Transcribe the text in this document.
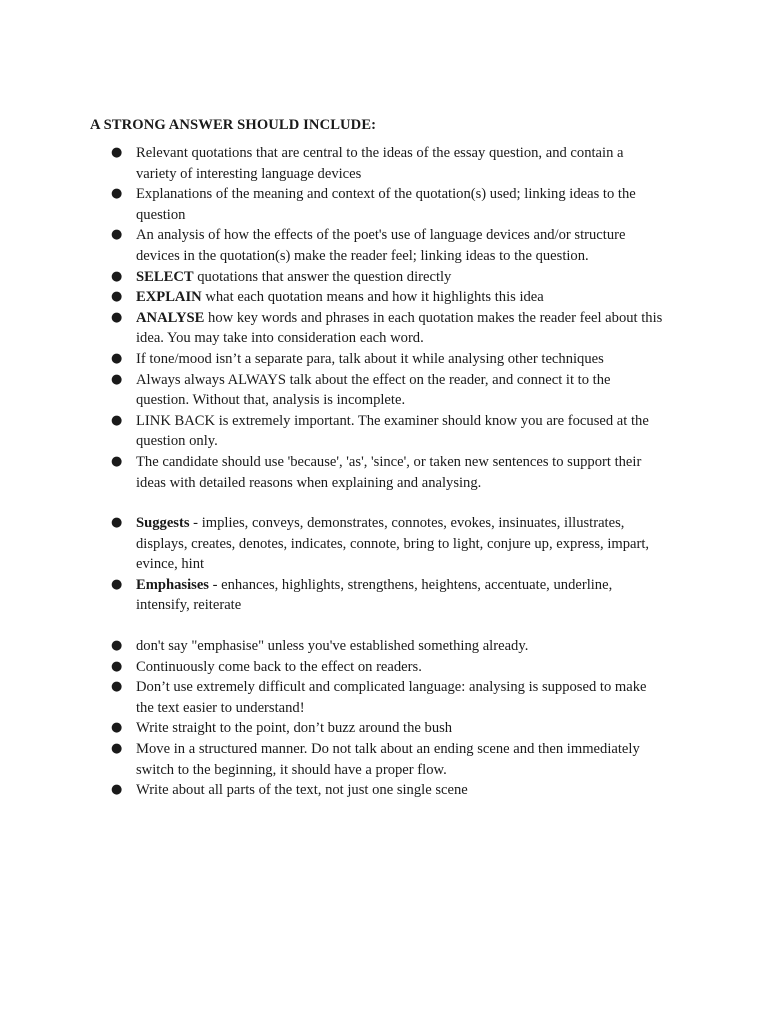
A STRONG ANSWER SHOULD INCLUDE:
● Relevant quotations that are central to the ideas of the essay question, and contain a variety of interesting language devices
● Explanations of the meaning and context of the quotation(s) used; linking ideas to the question
● An analysis of how the effects of the poet's use of language devices and/or structure devices in the quotation(s) make the reader feel; linking ideas to the question.
● SELECT quotations that answer the question directly
● EXPLAIN what each quotation means and how it highlights this idea
● ANALYSE how key words and phrases in each quotation makes the reader feel about this idea. You may take into consideration each word.
● If tone/mood isn’t a separate para, talk about it while analysing other techniques
● Always always ALWAYS talk about the effect on the reader, and connect it to the question. Without that, analysis is incomplete.
● LINK BACK is extremely important. The examiner should know you are focused at the question only.
● The candidate should use 'because', 'as', 'since', or taken new sentences to support their ideas with detailed reasons when explaining and analysing.
● Suggests - implies, conveys, demonstrates, connotes, evokes, insinuates, illustrates, displays, creates, denotes, indicates, connote, bring to light, conjure up, express, impart, evince, hint
● Emphasises - enhances, highlights, strengthens, heightens, accentuate, underline, intensify, reiterate
● don't say "emphasise" unless you've established something already.
● Continuously come back to the effect on readers.
● Don’t use extremely difficult and complicated language: analysing is supposed to make the text easier to understand!
● Write straight to the point, don’t buzz around the bush
● Move in a structured manner. Do not talk about an ending scene and then immediately switch to the beginning, it should have a proper flow.
● Write about all parts of the text, not just one single scene
